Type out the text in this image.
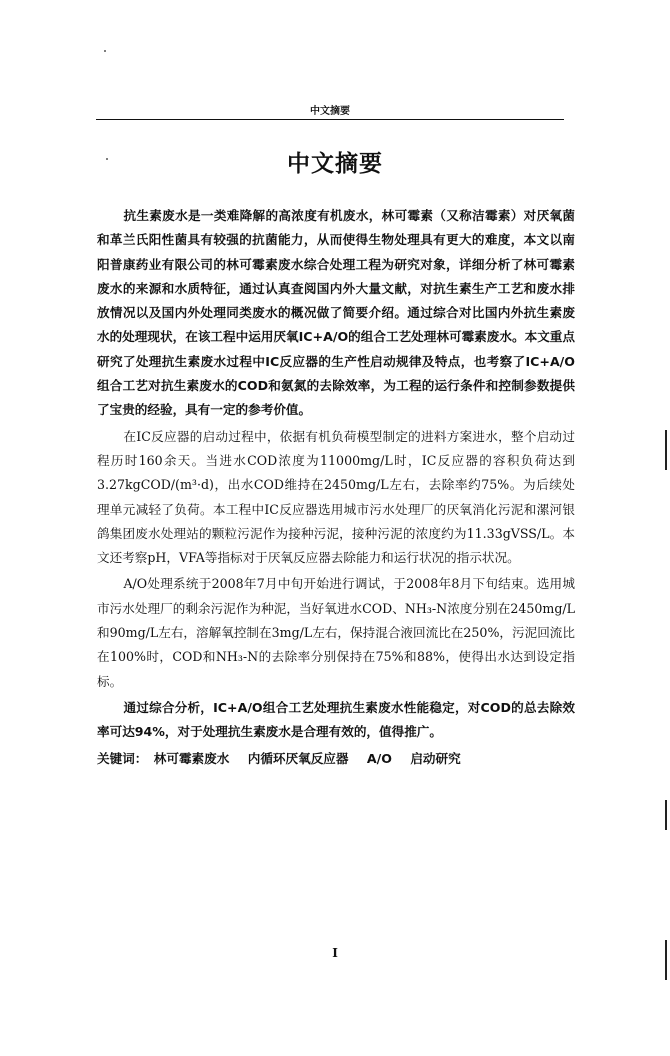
中文摘要
中文摘要

抗生素废水是一类难降解的高浓度有机废水，林可霉素（又称洁霉素）对厌氧菌和革兰氏阳性菌具有较强的抗菌能力，从而使得生物处理具有更大的难度，本文以南阳普康药业有限公司的林可霉素废水综合处理工程为研究对象，详细分析了林可霉素废水的来源和水质特征，通过认真查阅国内外大量文献，对抗生素生产工艺和废水排放情况以及国内外处理同类废水的概况做了简要介绍。通过综合对比国内外抗生素废水的处理现状，在该工程中运用厌氧IC+A/O的组合工艺处理林可霉素废水。本文重点研究了处理抗生素废水过程中IC反应器的生产性启动规律及特点，也考察了IC+A/O组合工艺对抗生素废水的COD和氨氮的去除效率，为工程的运行条件和控制参数提供了宝贵的经验，具有一定的参考价值。

在IC反应器的启动过程中，依据有机负荷模型制定的进料方案进水，整个启动过程历时160余天。当进水COD浓度为11000mg/L时，IC反应器的容积负荷达到3.27kgCOD/(m³·d)，出水COD维持在2450mg/L左右，去除率约75%。为后续处理单元减轻了负荷。本工程中IC反应器选用城市污水处理厂的厌氧消化污泥和漯河银鸽集团废水处理站的颗粒污泥作为接种污泥，接种污泥的浓度约为11.33gVSS/L。本文还考察pH，VFA等指标对于厌氧反应器去除能力和运行状况的指示状况。

A/O处理系统于2008年7月中旬开始进行调试，于2008年8月下旬结束。选用城市污水处理厂的剩余污泥作为种泥，当好氧进水COD、NH₃-N浓度分别在2450mg/L和90mg/L左右，溶解氧控制在3mg/L左右，保持混合液回流比在250%，污泥回流比在100%时，COD和NH₃-N的去除率分别保持在75%和88%，使得出水达到设定指标。

通过综合分析，IC+A/O组合工艺处理抗生素废水性能稳定，对COD的总去除效率可达94%，对于处理抗生素废水是合理有效的，值得推广。

关键词： 林可霉素废水 内循环厌氧反应器 A/O 启动研究
I
